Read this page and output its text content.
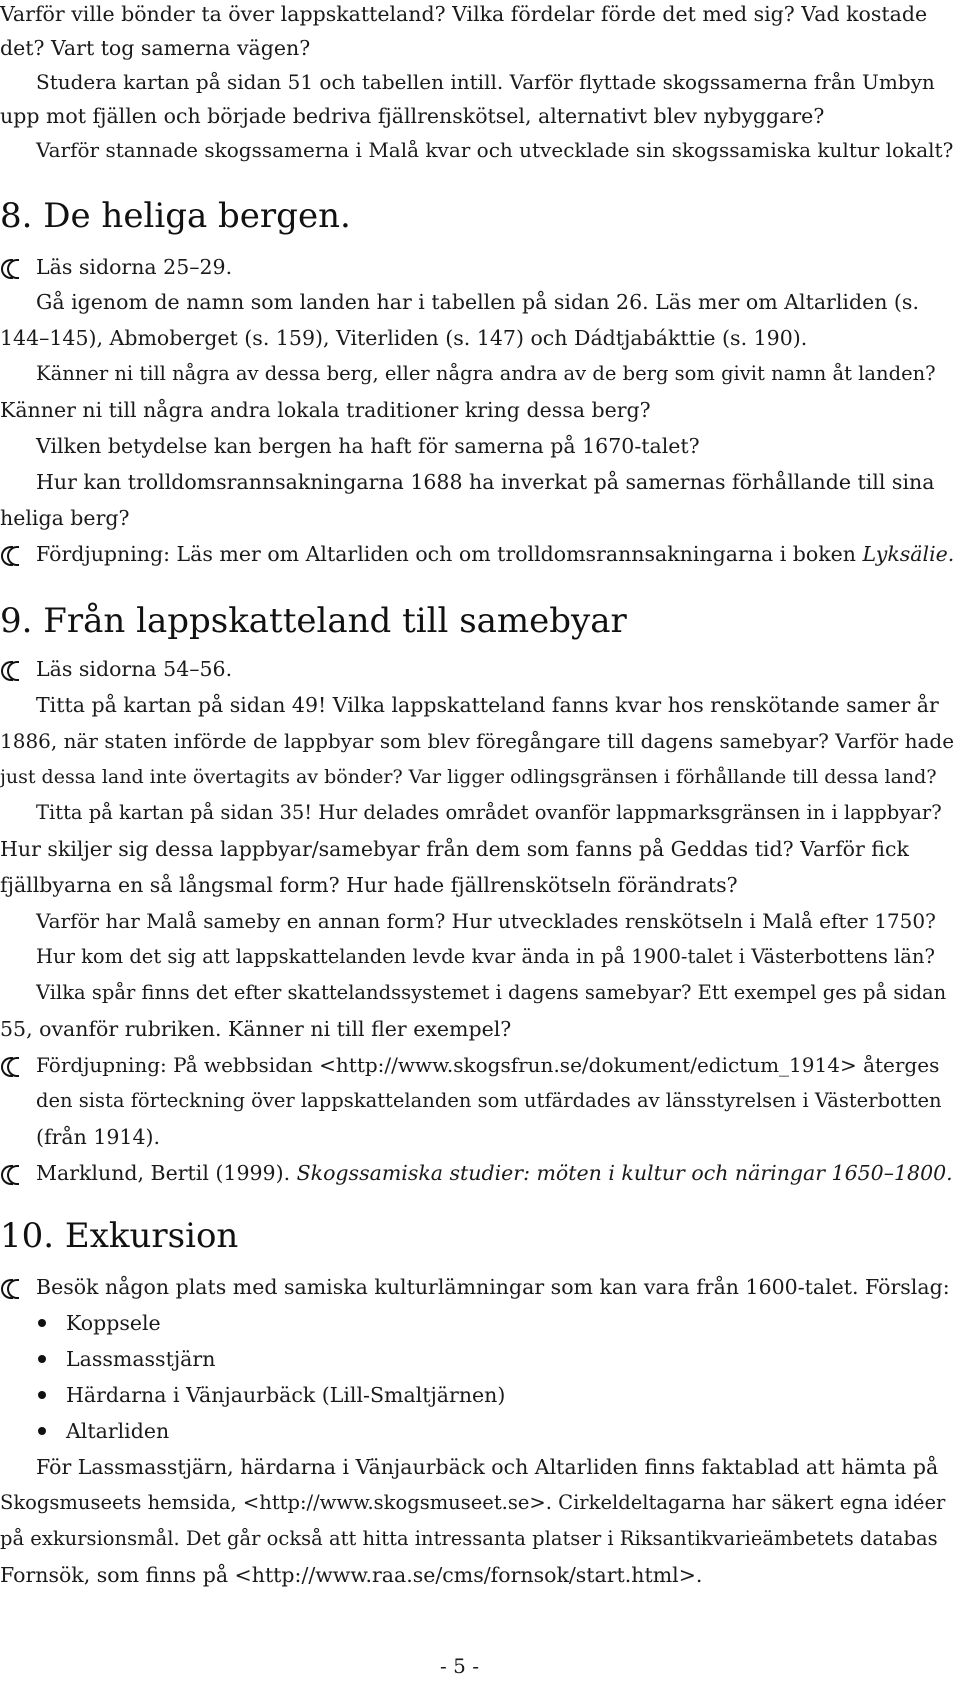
Varför ville bönder ta över lappskatteland? Vilka fördelar förde det med sig? Vad kostade
det? Vart tog samerna vägen?
Studera kartan på sidan 51 och tabellen intill. Varför flyttade skogssamerna från Umbyn
upp mot fjällen och började bedriva fjällrenskötsel, alternativt blev nybyggare?
Varför stannade skogssamerna i Malå kvar och utvecklade sin skogssamiska kultur lokalt?
8. De heliga bergen.
Läs sidorna 25–29.
Gå igenom de namn som landen har i tabellen på sidan 26. Läs mer om Altarliden (s.
144–145), Abmoberget (s. 159), Viterliden (s. 147) och Dádtjabákttie (s. 190).
Känner ni till några av dessa berg, eller några andra av de berg som givit namn åt landen?
Känner ni till några andra lokala traditioner kring dessa berg?
Vilken betydelse kan bergen ha haft för samerna på 1670-talet?
Hur kan trolldomsrannsakningarna 1688 ha inverkat på samernas förhållande till sina
heliga berg?
Fördjupning: Läs mer om Altarliden och om trolldomsrannsakningarna i boken Lyksälie.
9. Från lappskatteland till samebyar
Läs sidorna 54–56.
Titta på kartan på sidan 49! Vilka lappskatteland fanns kvar hos renskötande samer år
1886, när staten införde de lappbyar som blev föregångare till dagens samebyar? Varför hade
just dessa land inte övertagits av bönder? Var ligger odlingsgränsen i förhållande till dessa land?
Titta på kartan på sidan 35! Hur delades området ovanför lappmarksgränsen in i lappbyar?
Hur skiljer sig dessa lappbyar/samebyar från dem som fanns på Geddas tid? Varför fick
fjällbyarna en så långsmal form? Hur hade fjällrenskötseln förändrats?
Varför har Malå sameby en annan form? Hur utvecklades renskötseln i Malå efter 1750?
Hur kom det sig att lappskattelanden levde kvar ända in på 1900-talet i Västerbottens län?
Vilka spår finns det efter skattelandssystemet i dagens samebyar? Ett exempel ges på sidan
55, ovanför rubriken. Känner ni till fler exempel?
Fördjupning: På webbsidan <http://www.skogsfrun.se/dokument/edictum_1914> återges
den sista förteckning över lappskattelanden som utfärdades av länsstyrelsen i Västerbotten
(från 1914).
Marklund, Bertil (1999). Skogssamiska studier: möten i kultur och näringar 1650–1800.
10. Exkursion
Besök någon plats med samiska kulturlämningar som kan vara från 1600-talet. Förslag:
Koppsele
Lassmasstjärn
Härdarna i Vänjaurbäck (Lill-Smaltjärnen)
Altarliden
För Lassmasstjärn, härdarna i Vänjaurbäck och Altarliden finns faktablad att hämta på
Skogsmuseets hemsida, <http://www.skogsmuseet.se>. Cirkeldeltagarna har säkert egna idéer
på exkursionsmål. Det går också att hitta intressanta platser i Riksantikvarieämbetets databas
Fornsök, som finns på <http://www.raa.se/cms/fornsok/start.html>.
- 5 -
